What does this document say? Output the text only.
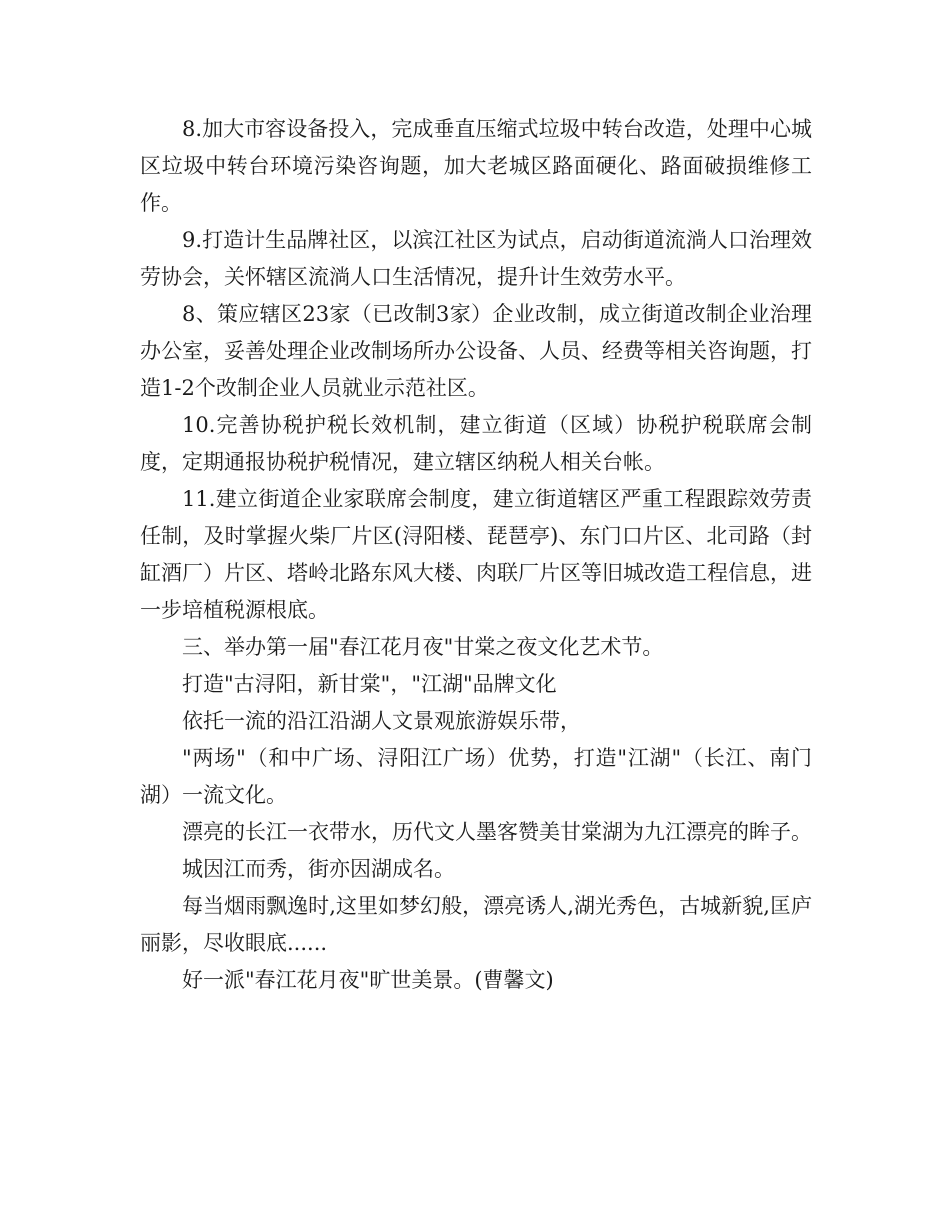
8.加大市容设备投入，完成垂直压缩式垃圾中转台改造，处理中心城区垃圾中转台环境污染咨询题，加大老城区路面硬化、路面破损维修工作。

9.打造计生品牌社区，以滨江社区为试点，启动街道流淌人口治理效劳协会，关怀辖区流淌人口生活情况，提升计生效劳水平。

8、策应辖区23家（已改制3家）企业改制，成立街道改制企业治理办公室，妥善处理企业改制场所办公设备、人员、经费等相关咨询题，打造1-2个改制企业人员就业示范社区。

10.完善协税护税长效机制，建立街道（区域）协税护税联席会制度，定期通报协税护税情况，建立辖区纳税人相关台帐。

11.建立街道企业家联席会制度，建立街道辖区严重工程跟踪效劳责任制，及时掌握火柴厂片区(浔阳楼、琵琶亭)、东门口片区、北司路（封缸酒厂）片区、塔岭北路东风大楼、肉联厂片区等旧城改造工程信息，进一步培植税源根底。

三、举办第一届"春江花月夜"甘棠之夜文化艺术节。

打造"古浔阳，新甘棠"，"江湖"品牌文化

依托一流的沿江沿湖人文景观旅游娱乐带，

"两场"（和中广场、浔阳江广场）优势，打造"江湖"（长江、南门湖）一流文化。

漂亮的长江一衣带水，历代文人墨客赞美甘棠湖为九江漂亮的眸子。

城因江而秀，街亦因湖成名。

每当烟雨飘逸时,这里如梦幻般，漂亮诱人,湖光秀色，古城新貌,匡庐丽影，尽收眼底......

好一派"春江花月夜"旷世美景。(曹馨文)
